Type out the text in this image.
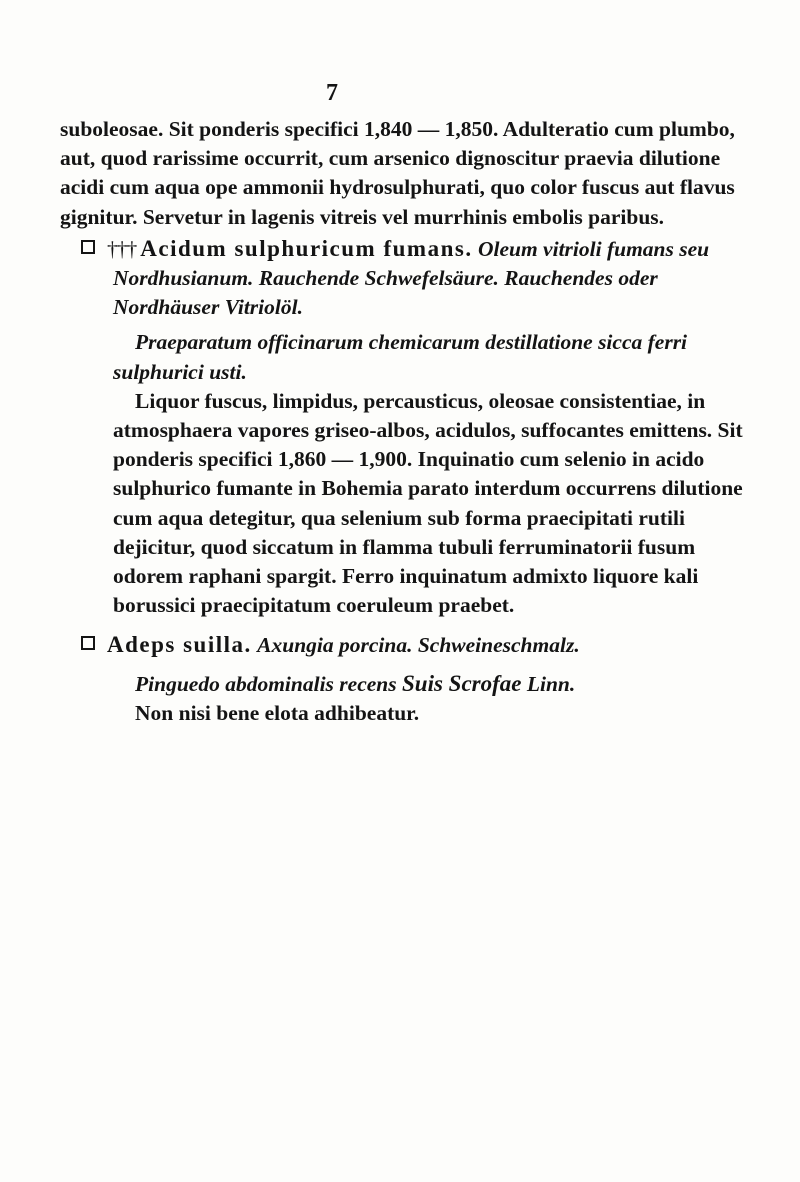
7
suboleosae. Sit ponderis specifici 1,840 — 1,850. Adulteratio cum plumbo, aut, quod rarissime occurrit, cum arsenico dignoscitur praevia dilutione acidi cum aqua ope ammonii hydrosulphurati, quo color fuscus aut flavus gignitur. Servetur in lagenis vitreis vel murrhinis embolis paribus.
††† Acidum sulphuricum fumans. Oleum vitrioli fumans seu Nordhusianum. Rauchende Schwefelsäure. Rauchendes oder Nordhäuser Vitriolöl.
Praeparatum officinarum chemicarum destillatione sicca ferri sulphurici usti.
Liquor fuscus, limpidus, percausticus, oleosae consistentiae, in atmosphaera vapores griseo-albos, acidulos, suffocantes emittens. Sit ponderis specifici 1,860 — 1,900. Inquinatio cum selenio in acido sulphurico fumante in Bohemia parato interdum occurrens dilutione cum aqua detegitur, qua selenium sub forma praecipitati rutili dejicitur, quod siccatum in flamma tubuli ferruminatorii fusum odorem raphani spargit. Ferro inquinatum admixto liquore kali borussici praecipitatum coeruleum praebet.
Adeps suilla. Axungia porcina. Schweineschmalz.
Pinguedo abdominalis recens Suis Scrofae Linn.
Non nisi bene elota adhibeatur.
